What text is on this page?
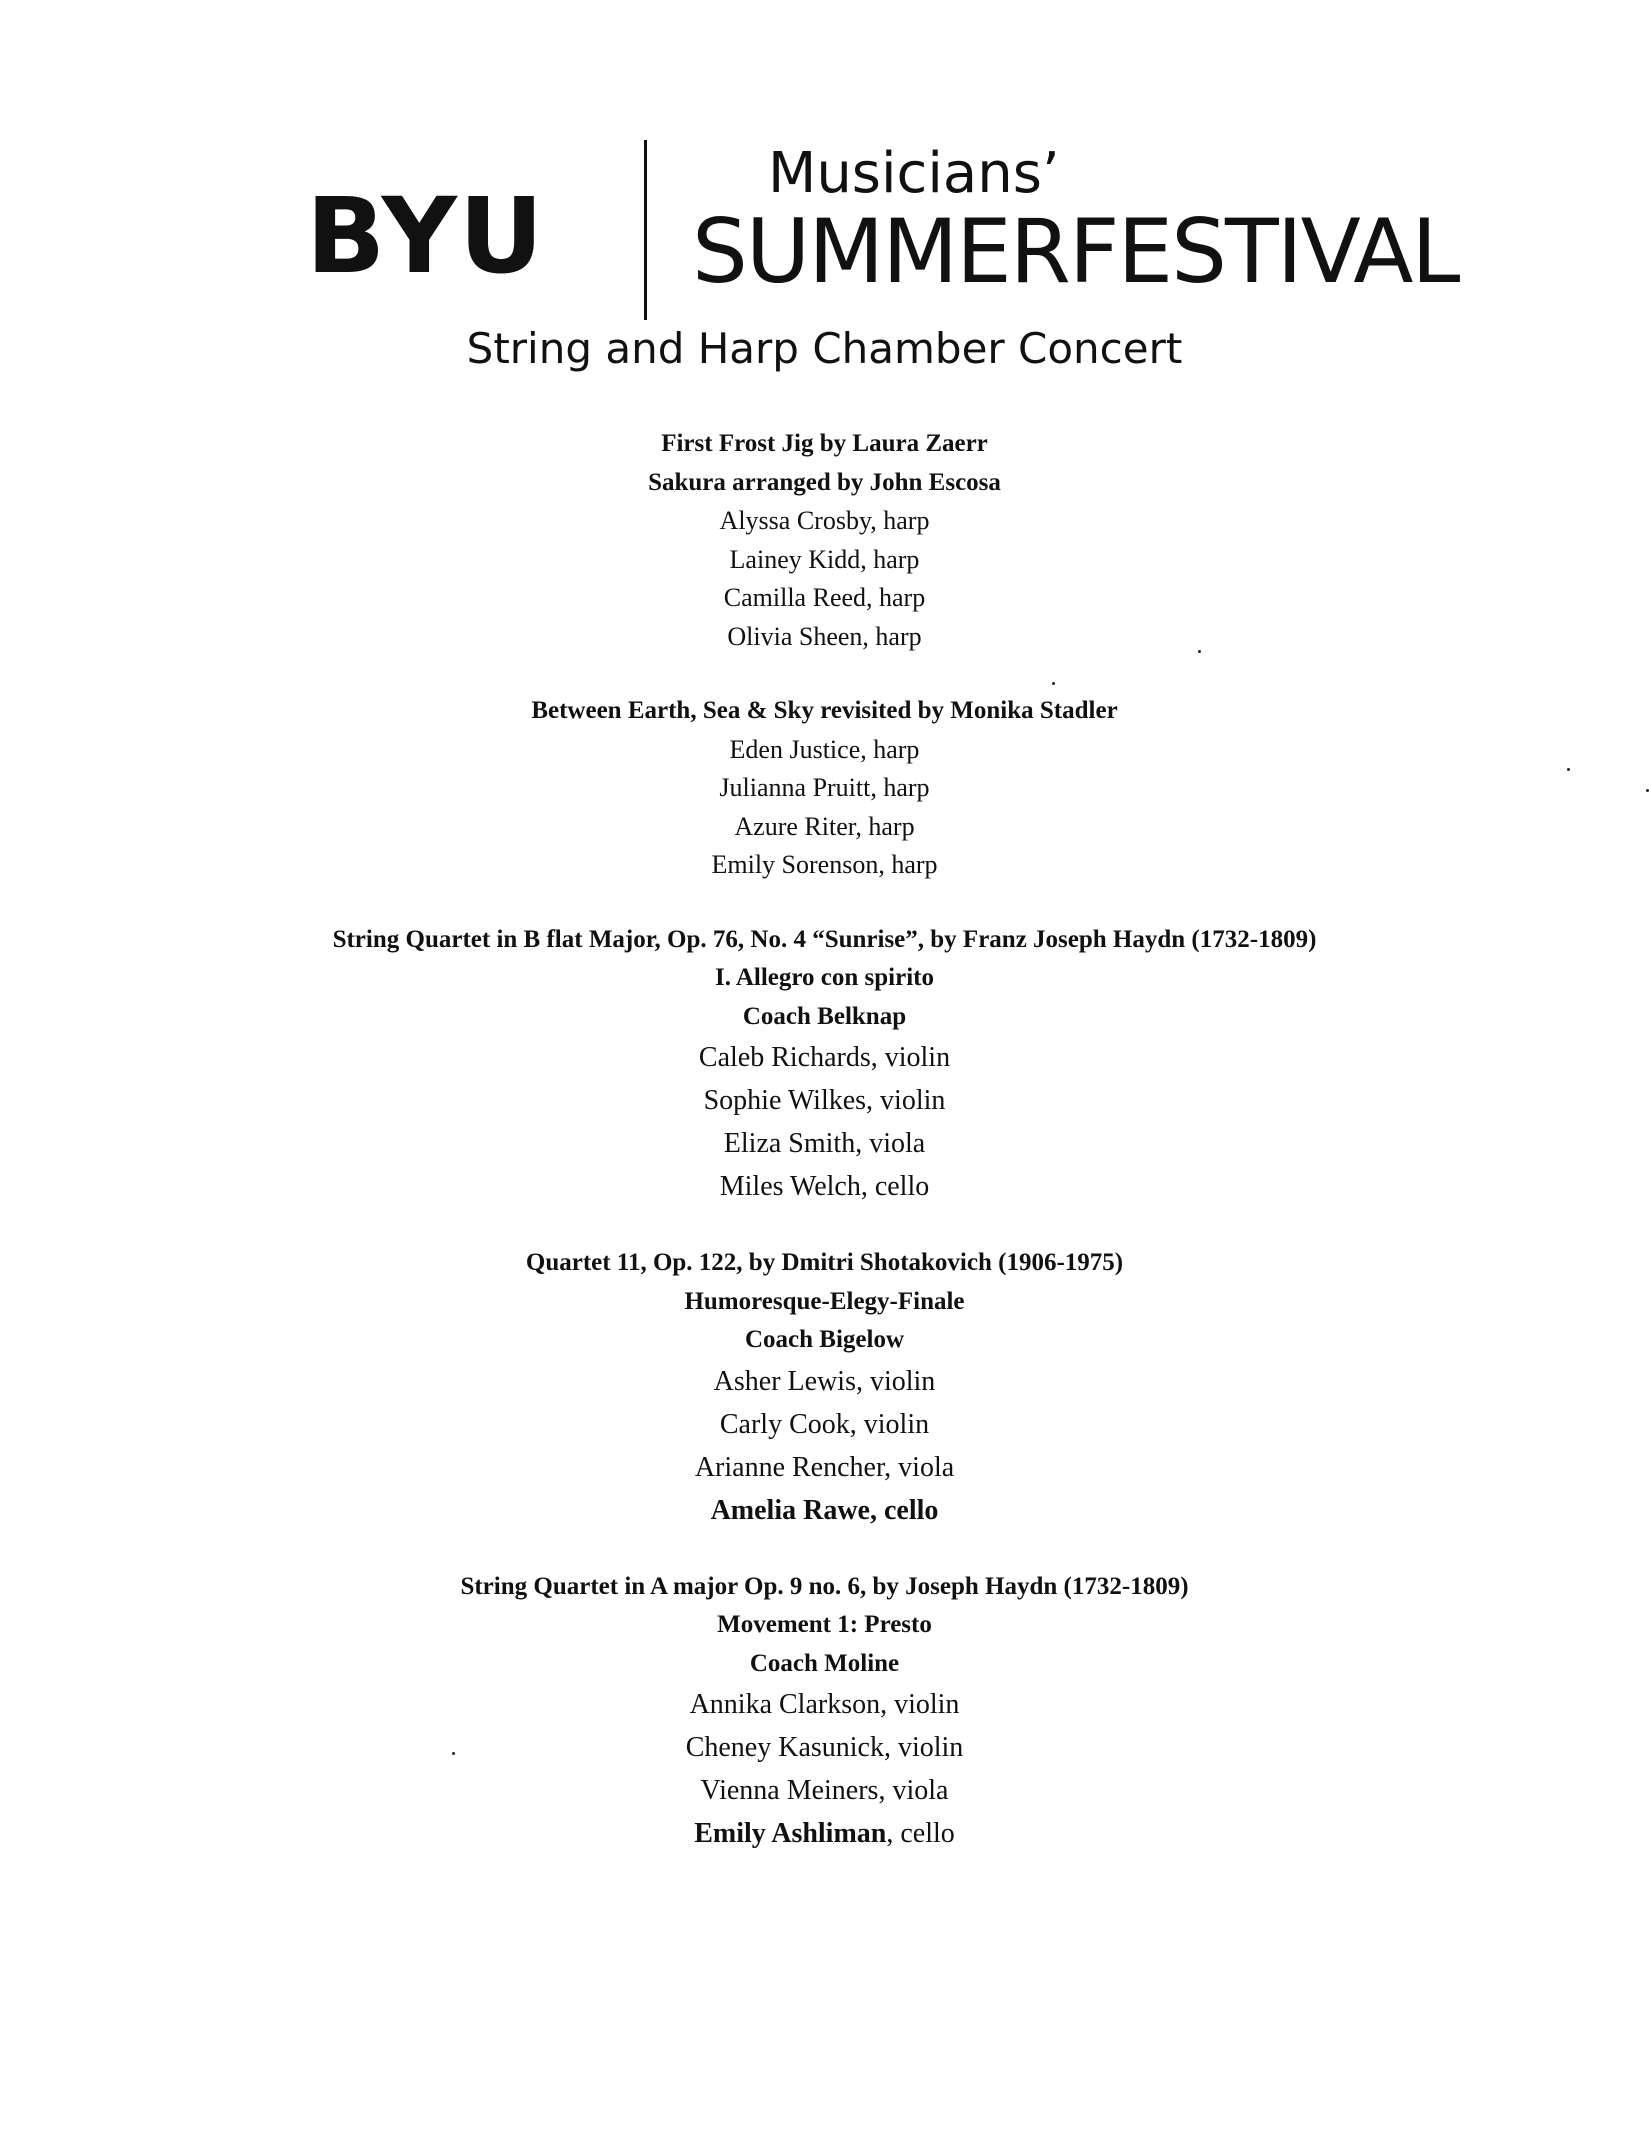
BYU
Musicians’
SUMMERFESTIVAL
String and Harp Chamber Concert

First Frost Jig by Laura Zaerr

Sakura arranged by John Escosa

Alyssa Crosby, harp

Lainey Kidd, harp

Camilla Reed, harp

Olivia Sheen, harp

Between Earth, Sea & Sky revisited by Monika Stadler

Eden Justice, harp

Julianna Pruitt, harp

Azure Riter, harp

Emily Sorenson, harp

String Quartet in B flat Major, Op. 76, No. 4 “Sunrise”, by Franz Joseph Haydn (1732-1809)

I. Allegro con spirito

Coach Belknap

Caleb Richards, violin

Sophie Wilkes, violin

Eliza Smith, viola

Miles Welch, cello

Quartet 11, Op. 122, by Dmitri Shotakovich (1906-1975)

Humoresque-Elegy-Finale

Coach Bigelow

Asher Lewis, violin

Carly Cook, violin

Arianne Rencher, viola

Amelia Rawe, cello

String Quartet in A major Op. 9 no. 6, by Joseph Haydn (1732-1809)

Movement 1: Presto

Coach Moline

Annika Clarkson, violin

Cheney Kasunick, violin

Vienna Meiners, viola

Emily Ashliman, cello
